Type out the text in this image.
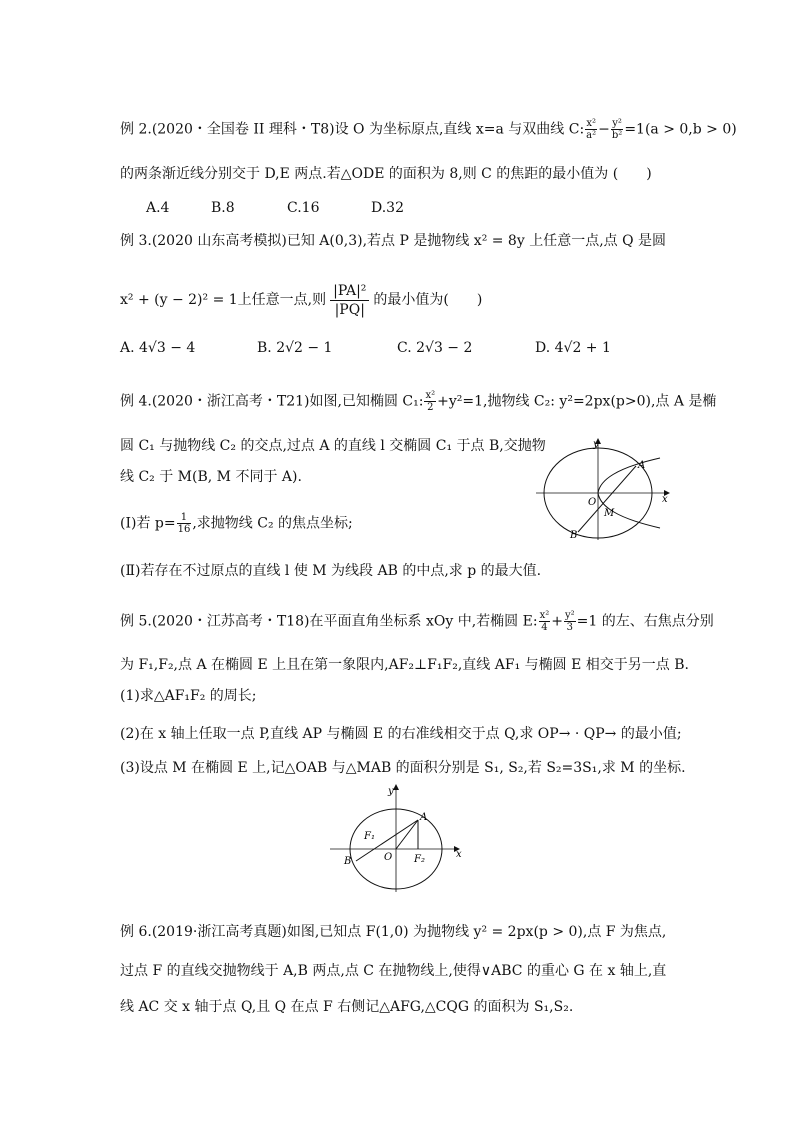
例 2.(2020・全国卷 II 理科・T8)设 O 为坐标原点,直线 x=a 与双曲线 C: $\frac{\text{x²}}{\text{a²}} - \frac{\text{y²}}{\text{b²}} =1(a > 0,b > 0)$
的两条渐近线分别交于 D,E 两点.若△ODE 的面积为 8,则 C 的焦距的最小值为 (　　)
A.4	B.8	C.16	D.32
例 3.(2020 山东高考模拟)已知 A(0,3),若点 P 是抛物线 x² = 8y 上任意一点,点 Q 是圆
x² + (y − 2)² = 1上任意一点,则 $\frac{\text{|PA|²}}{|PQ|}$ 的最小值为(　　)
A. 4√3 − 4	B. 2√2 − 1	C. 2√3 − 2	D. 4√2 + 1
例 4.(2020・浙江高考・T21)如图,已知椭圆 C₁: $\frac{\text{x²}}{2} +y^2=1$,抛物线 C₂: y²=2px(p>0),点 A 是椭
圆 C₁ 与抛物线 C₂ 的交点,过点 A 的直线 l 交椭圆 C₁ 于点 B,交抛物
线 C₂ 于 M(B, M 不同于 A).
(Ⅰ)若 $p= \frac{1}{16}$ ,求抛物线 C₂ 的焦点坐标;
(Ⅱ)若存在不过原点的直线 l 使 M 为线段 AB 的中点,求 p 的最大值.
y
x
O
A
M
B
例 5.(2020・江苏高考・T18)在平面直角坐标系 xOy 中,若椭圆 E: $\frac{\text{x²}}{4} + \frac{\text{y²}}{3} =1$ 的左、右焦点分别
为 F₁,F₂,点 A 在椭圆 E 上且在第一象限内,AF₂⊥F₁F₂,直线 AF₁ 与椭圆 E 相交于另一点 B.
(1)求△AF₁F₂ 的周长;
(2)在 x 轴上任取一点 P,直线 AP 与椭圆 E 的右准线相交于点 Q,求 OP→ · QP→ 的最小值;
(3)设点 M 在椭圆 E 上,记△OAB 与△MAB 的面积分别是 S₁, S₂,若 S₂=3S₁,求 M 的坐标.
y
x
O
A
B
F₁
F₂
例 6.(2019·浙江高考真题)如图,已知点 F(1,0) 为抛物线 y² = 2px(p > 0),点 F 为焦点,
过点 F 的直线交抛物线于 A,B 两点,点 C 在抛物线上,使得∨ABC 的重心 G 在 x 轴上,直
线 AC 交 x 轴于点 Q,且 Q 在点 F 右侧记△AFG,△CQG 的面积为 S₁,S₂.
